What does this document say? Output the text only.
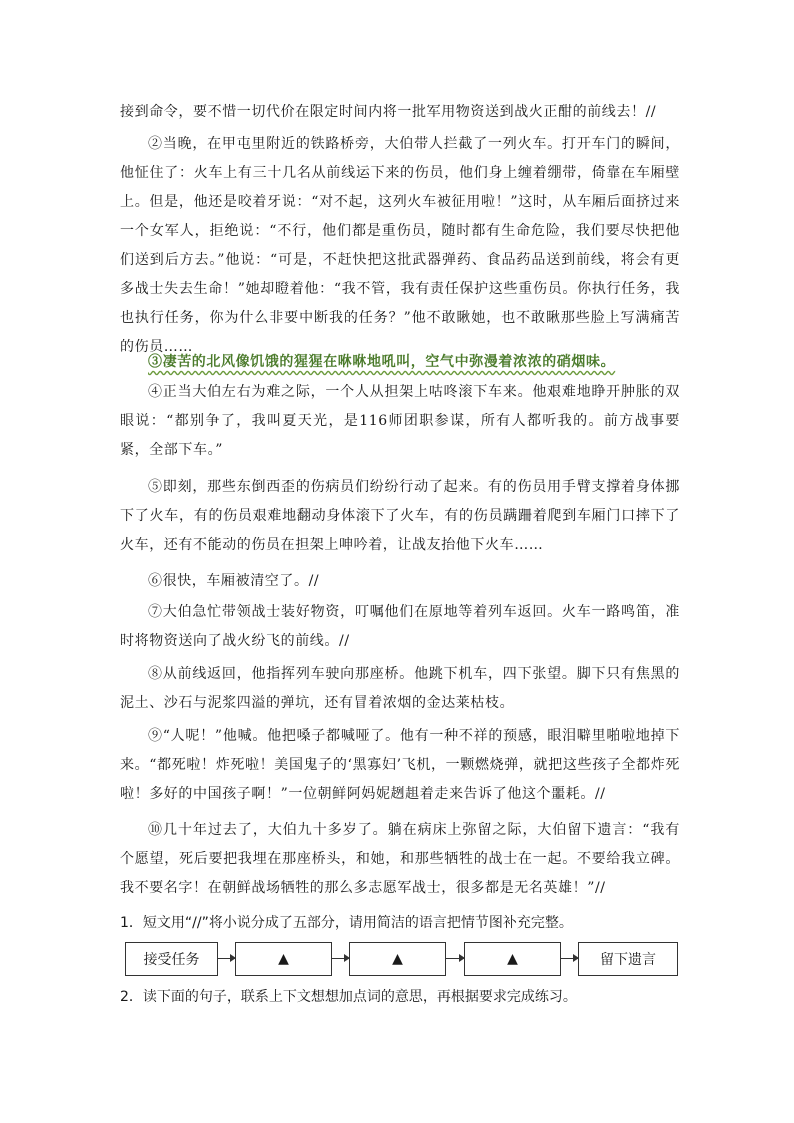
接到命令，要不惜一切代价在限定时间内将一批军用物资送到战火正酣的前线去！//

②当晚，在甲屯里附近的铁路桥旁，大伯带人拦截了一列火车。打开车门的瞬间，他怔住了：火车上有三十几名从前线运下来的伤员，他们身上缠着绷带，倚靠在车厢壁上。但是，他还是咬着牙说：“对不起，这列火车被征用啦！”这时，从车厢后面挤过来一个女军人，拒绝说：“不行，他们都是重伤员，随时都有生命危险，我们要尽快把他们送到后方去。”他说：“可是，不赶快把这批武器弹药、食品药品送到前线，将会有更多战士失去生命！”她却瞪着他：“我不管，我有责任保护这些重伤员。你执行任务，我也执行任务，你为什么非要中断我的任务？”他不敢瞅她，也不敢瞅那些脸上写满痛苦的伤员……

③凄苦的北风像饥饿的猩猩在咻咻地吼叫，空气中弥漫着浓浓的硝烟味。

④正当大伯左右为难之际，一个人从担架上咕咚滚下车来。他艰难地睁开肿胀的双眼说：“都别争了，我叫夏天光，是116师团职参谋，所有人都听我的。前方战事要紧，全部下车。”

⑤即刻，那些东倒西歪的伤病员们纷纷行动了起来。有的伤员用手臂支撑着身体挪下了火车，有的伤员艰难地翻动身体滚下了火车，有的伤员蹒跚着爬到车厢门口摔下了火车，还有不能动的伤员在担架上呻吟着，让战友抬他下火车……

⑥很快，车厢被清空了。//

⑦大伯急忙带领战士装好物资，叮嘱他们在原地等着列车返回。火车一路鸣笛，准时将物资送向了战火纷飞的前线。//

⑧从前线返回，他指挥列车驶向那座桥。他跳下机车，四下张望。脚下只有焦黑的泥土、沙石与泥浆四溢的弹坑，还有冒着浓烟的金达莱枯枝。

⑨“人呢！”他喊。他把嗓子都喊哑了。他有一种不祥的预感，眼泪噼里啪啦地掉下来。“都死啦！炸死啦！美国鬼子的‘黑寡妇’飞机，一颗燃烧弹，就把这些孩子全都炸死啦！多好的中国孩子啊！”一位朝鲜阿妈妮趔趄着走来告诉了他这个噩耗。//

⑩几十年过去了，大伯九十多岁了。躺在病床上弥留之际，大伯留下遗言：“我有个愿望，死后要把我埋在那座桥头，和她，和那些牺牲的战士在一起。不要给我立碑。我不要名字！在朝鲜战场牺牲的那么多志愿军战士，很多都是无名英雄！”//

1．短文用“//”将小说分成了五部分，请用简洁的语言把情节图补充完整。

接受任务	▲	▲	▲	留下遗言

2．读下面的句子，联系上下文想想加点词的意思，再根据要求完成练习。
